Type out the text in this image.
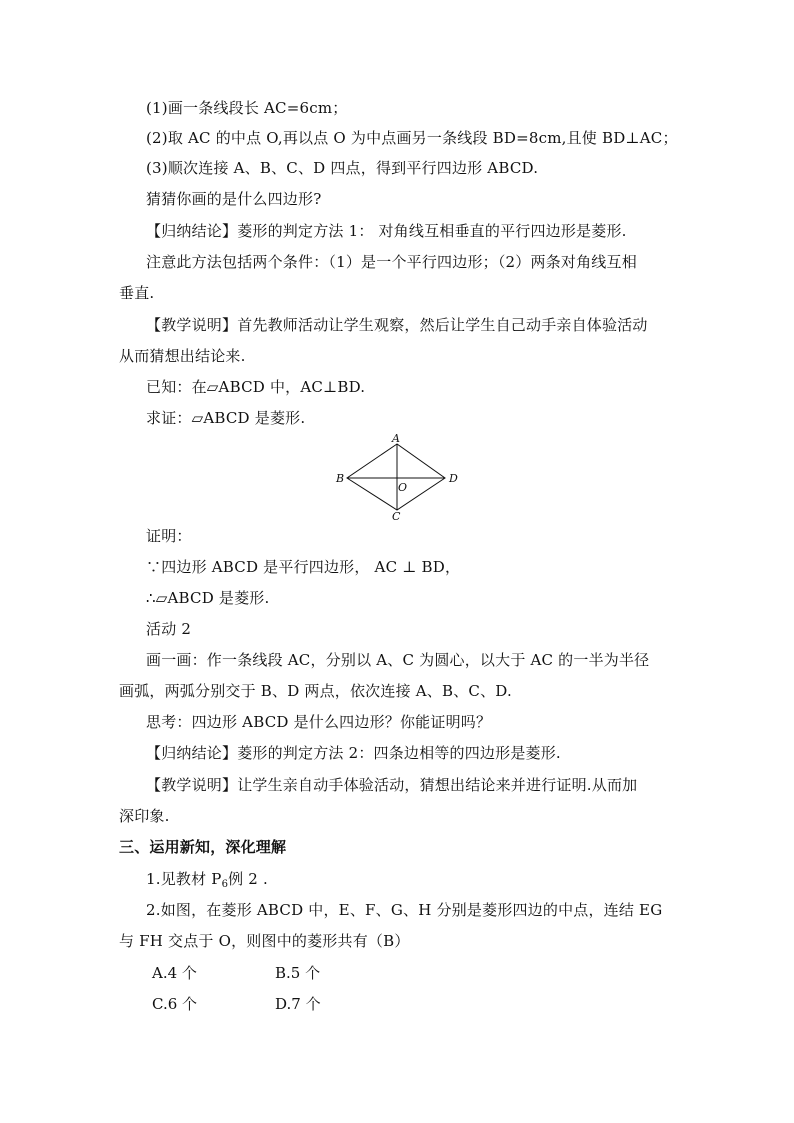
(1)画一条线段长 AC=6cm；
(2)取 AC 的中点 O,再以点 O 为中点画另一条线段 BD=8cm,且使 BD⊥AC；
(3)顺次连接 A、B、C、D 四点，得到平行四边形 ABCD.
猜猜你画的是什么四边形?
【归纳结论】菱形的判定方法 1： 对角线互相垂直的平行四边形是菱形.
注意此方法包括两个条件：（1）是一个平行四边形；（2）两条对角线互相
垂直.
【教学说明】首先教师活动让学生观察，然后让学生自己动手亲自体验活动
从而猜想出结论来.
已知：在▱ABCD 中，AC⊥BD.
求证：▱ABCD 是菱形.
A
B
C
D
O
证明：
∵四边形 ABCD 是平行四边形， AC ⊥ BD，
∴▱ABCD 是菱形.
活动 2
画一画：作一条线段 AC，分别以 A、C 为圆心，以大于 AC 的一半为半径
画弧，两弧分别交于 B、D 两点，依次连接 A、B、C、D.
思考：四边形 ABCD 是什么四边形？你能证明吗？
【归纳结论】菱形的判定方法 2：四条边相等的四边形是菱形.
【教学说明】让学生亲自动手体验活动，猜想出结论来并进行证明.从而加
深印象.
三、运用新知，深化理解
1.见教材 $P_6$例 2 .
2.如图，在菱形 ABCD 中，E、F、G、H 分别是菱形四边的中点，连结 EG
与 FH 交点于 O，则图中的菱形共有（B）
A.4 个	B.5 个
C.6 个	D.7 个
